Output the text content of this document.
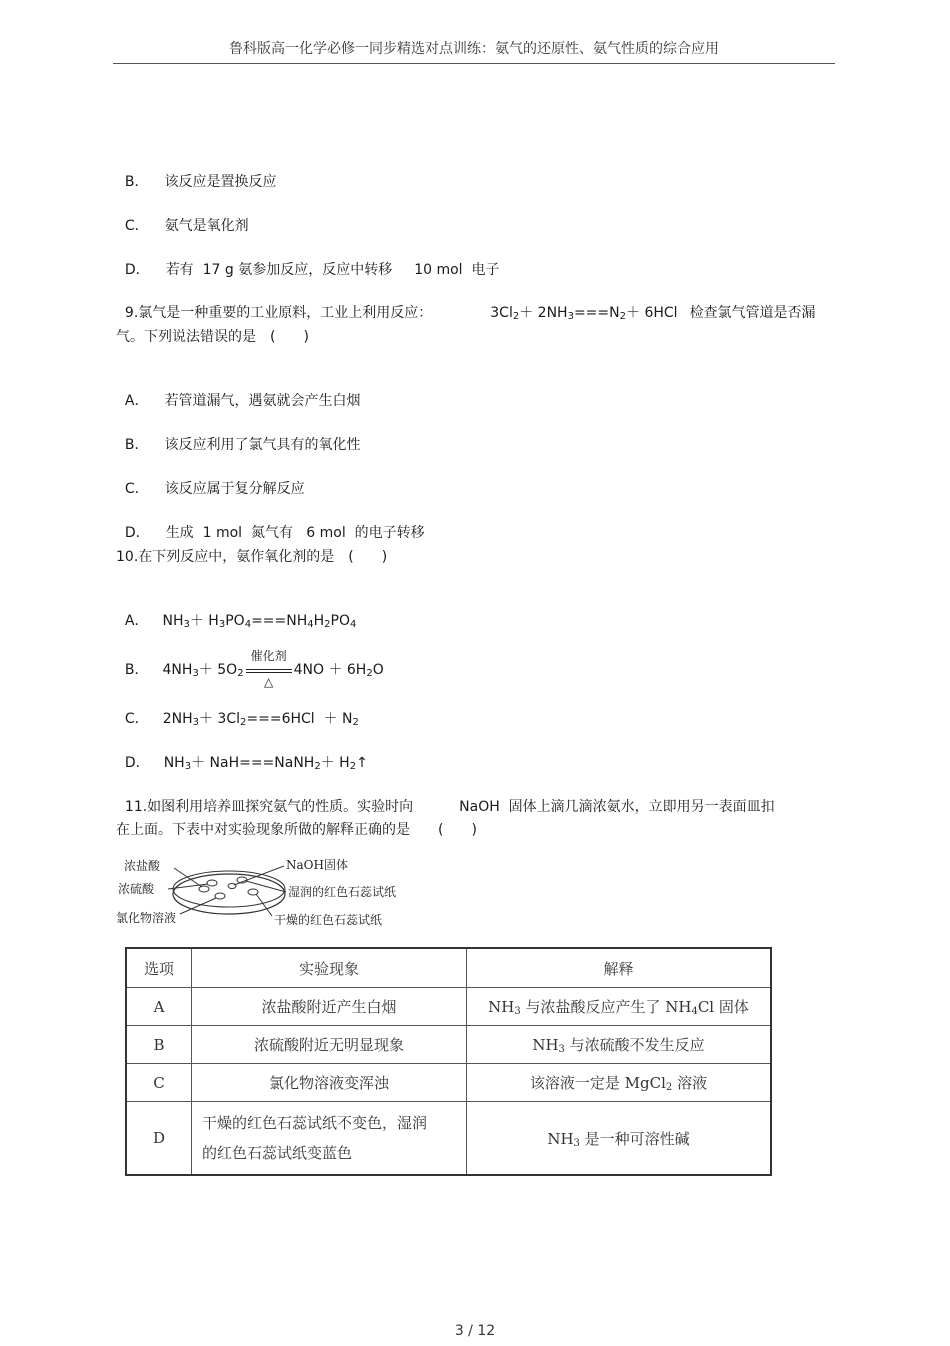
鲁科版高一化学必修一同步精选对点训练：氨气的还原性、氨气性质的综合应用

B． 该反应是置换反应

C． 氨气是氧化剂

D． 若有  17 g 氨参加反应，反应中转移 10 mol  电子

9.氯气是一种重要的工业原料，工业上利用反应：	$3Cl_2+ 2NH_3===N_2+ 6HCl$ 检查氯气管道是否漏

气。下列说法错误的是　(　　)

A． 若管道漏气，遇氨就会产生白烟

B． 该反应利用了氯气具有的氧化性

C． 该反应属于复分解反应

D． 生成  1 mol  氮气有   6 mol  的电子转移

10.在下列反应中，氨作氧化剂的是　(　　)

A． $NH_3+ H_3PO_4===NH_4H_2PO_4$

B． $4NH_3+ 5O_2 \frac{\text{催化剂}}{\triangle} 4NO + 6H_2O$

C． $2NH_3+ 3Cl_2===6HCl + N_2$

D． $NH_3+$ NaH===NaNH$_2$＋ $H_2↑$

11.如图利用培养皿探究氨气的性质。实验时向	NaOH  固体上滴几滴浓氨水，立即用另一表面皿扣

在上面。下表中对实验现象所做的解释正确的是　　(　　)
浓盐酸
浓硫酸
氯化物溶液
NaOH固体
湿润的红色石蕊试纸
干燥的红色石蕊试纸
选项	实验现象	解释
A	浓盐酸附近产生白烟	$NH_3$ 与浓盐酸反应产生了 $NH_4Cl$ 固体
B	浓硫酸附近无明显现象	$NH_3$ 与浓硫酸不发生反应
C	氯化物溶液变浑浊	该溶液一定是 MgCl$_2$ 溶液
D	干燥的红色石蕊试纸不变色，湿润
的红色石蕊试纸变蓝色	$NH_3$ 是一种可溶性碱
3 / 12
